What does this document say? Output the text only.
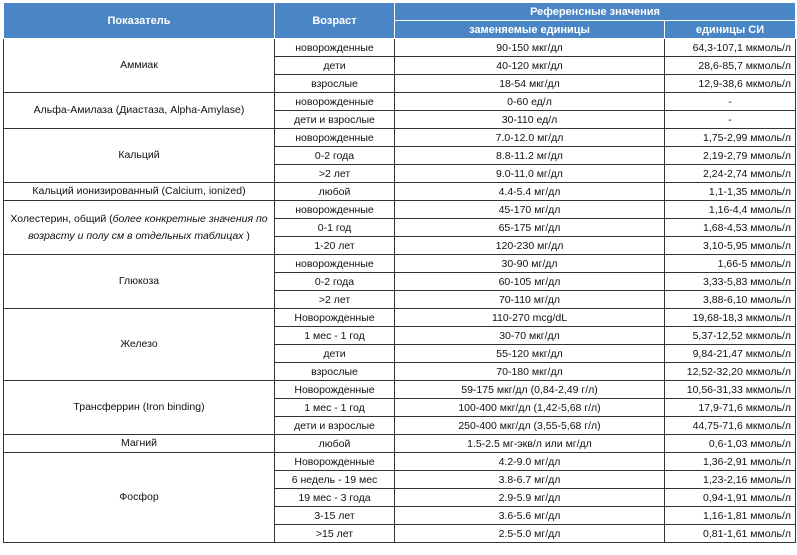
Показатель	Возраст	Референсные значения	
		заменяемые единицы	единицы СИ
Аммиак	новорожденные	90-150 мкг/дл	64,3-107,1 мкмоль/л
	дети	40-120 мкг/дл	28,6-85,7 мкмоль/л
	взрослые	18-54 мкг/дл	12,9-38,6 мкмоль/л
Альфа-Амилаза (Диастаза, Alpha-Amylase)	новорожденные	0-60 ед/л	-
	дети и взрослые	30-110 ед/л	-
Кальций	новорожденные	7.0-12.0 мг/дл	1,75-2,99 ммоль/л
	0-2 года	8.8-11.2 мг/дл	2,19-2,79 ммоль/л
	>2 лет	9.0-11.0 мг/дл	2,24-2,74 ммоль/л
Кальций ионизированный (Calcium, ionized)	любой	4.4-5.4 мг/дл	1,1-1,35 ммоль/л
Холестерин, общий (более конкретные значения по возрасту и полу см в отдельных таблицах )	новорожденные	45-170 мг/дл	1,16-4,4 ммоль/л
	0-1 год	65-175 мг/дл	1,68-4,53 ммоль/л
	1-20 лет	120-230 мг/дл	3,10-5,95 ммоль/л
Глюкоза	новорожденные	30-90 мг/дл	1,66-5 ммоль/л
	0-2 года	60-105 мг/дл	3,33-5,83 ммоль/л
	>2 лет	70-110 мг/дл	3,88-6,10 ммоль/л
Железо	Новорожденные	110-270 mcg/dL	19,68-18,3 мкмоль/л
	1 мес - 1 год	30-70 мкг/дл	5,37-12,52 мкмоль/л
	дети	55-120 мкг/дл	9,84-21,47 мкмоль/л
	взрослые	70-180 мкг/дл	12,52-32,20 мкмоль/л
Трансферрин (Iron binding)	Новорожденные	59-175 мкг/дл (0,84-2,49 г/л)	10,56-31,33 мкмоль/л
	1 мес - 1 год	100-400 мкг/дл (1,42-5,68 г/л)	17,9-71,6 мкмоль/л
	дети и взрослые	250-400 мкг/дл (3,55-5,68 г/л)	44,75-71,6 мкмоль/л
Магний	любой	1.5-2.5 мг-экв/л или мг/дл	0,6-1,03 ммоль/л
Фосфор	Новорожденные	4.2-9.0 мг/дл	1,36-2,91 ммоль/л
	6 недель - 19 мес	3.8-6.7 мг/дл	1,23-2,16 ммоль/л
	19 мес - 3 года	2.9-5.9 мг/дл	0,94-1,91 ммоль/л
	3-15 лет	3.6-5.6 мг/дл	1,16-1,81 ммоль/л
	>15 лет	2.5-5.0 мг/дл	0,81-1,61 ммоль/л
